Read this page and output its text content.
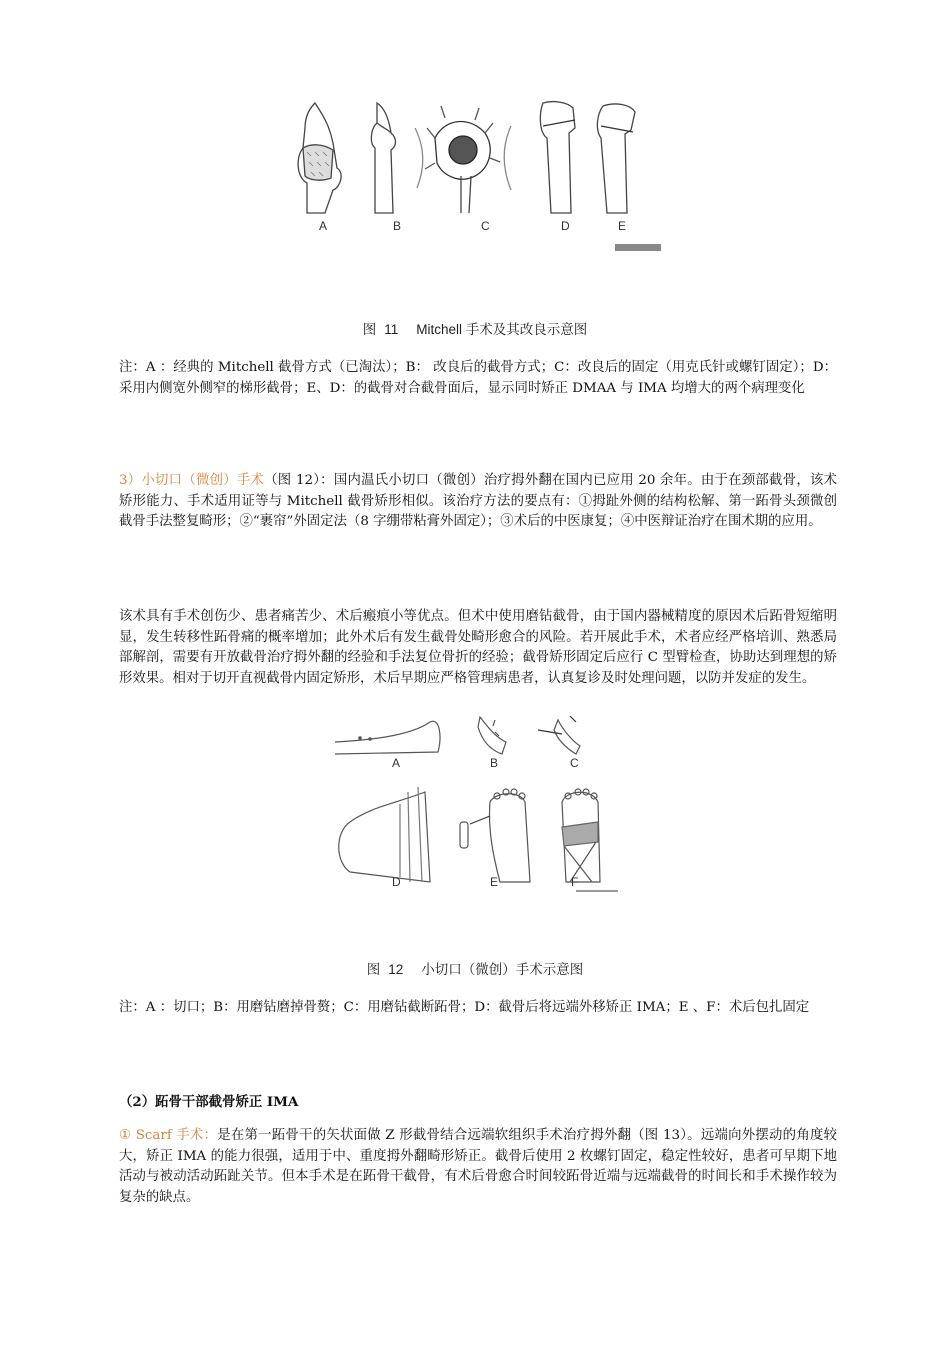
A	B	C	D	E
图 11 Mitchell 手术及其改良示意图
注：A ：经典的 Mitchell 截骨方式（已淘汰）；B： 改良后的截骨方式；C：改良后的固定（用克氏针或螺钉固定）；D：采用内侧宽外侧窄的梯形截骨；E、D：的截骨对合截骨面后，显示同时矫正 DMAA 与 IMA 均增大的两个病理变化
3）小切口（微创）手术（图 12）：国内温氏小切口（微创）治疗拇外翻在国内已应用 20 余年。由于在颈部截骨，该术矫形能力、手术适用证等与 Mitchell 截骨矫形相似。该治疗方法的要点有：①拇趾外侧的结构松解、第一跖骨头颈微创截骨手法整复畸形；②“裹帘”外固定法（8 字绷带粘膏外固定）；③术后的中医康复；④中医辩证治疗在围术期的应用。
该术具有手术创伤少、患者痛苦少、术后瘢痕小等优点。但术中使用磨钻截骨，由于国内器械精度的原因术后跖骨短缩明显，发生转移性跖骨痛的概率增加；此外术后有发生截骨处畸形愈合的风险。若开展此手术，术者应经严格培训、熟悉局部解剖，需要有开放截骨治疗拇外翻的经验和手法复位骨折的经验；截骨矫形固定后应行 C 型臂检查，协助达到理想的矫形效果。相对于切开直视截骨内固定矫形，术后早期应严格管理病患者，认真复诊及时处理问题，以防并发症的发生。
A	B	C
D	E	F
图 12 小切口（微创）手术示意图
注：A ：切口；B：用磨钻磨掉骨赘；C：用磨钻截断跖骨；D：截骨后将远端外移矫正 IMA；E 、F：术后包扎固定
（2）跖骨干部截骨矫正 IMA
① Scarf 手术：是在第一跖骨干的矢状面做 Z 形截骨结合远端软组织手术治疗拇外翻（图 13）。远端向外摆动的角度较大，矫正 IMA 的能力很强，适用于中、重度拇外翻畸形矫正。截骨后使用 2 枚螺钉固定，稳定性较好，患者可早期下地活动与被动活动跖趾关节。但本手术是在跖骨干截骨，有术后骨愈合时间较跖骨近端与远端截骨的时间长和手术操作较为复杂的缺点。
